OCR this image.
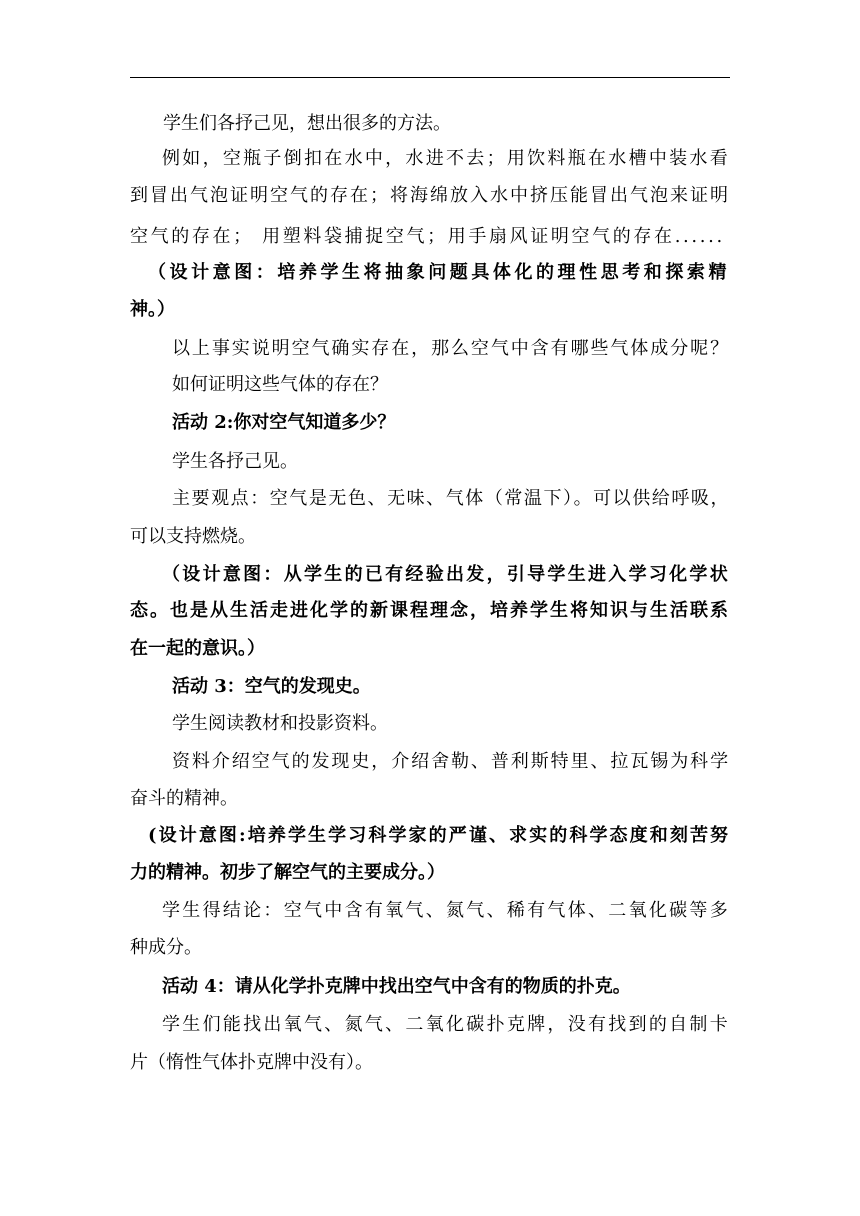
学生们各抒己见，想出很多的方法。
例如，空瓶子倒扣在水中，水进不去；用饮料瓶在水槽中装水看
到冒出气泡证明空气的存在；将海绵放入水中挤压能冒出气泡来证明
空气的存在； 用塑料袋捕捉空气；用手扇风证明空气的存在......
（设计意图：培养学生将抽象问题具体化的理性思考和探索精
神。）
以上事实说明空气确实存在，那么空气中含有哪些气体成分呢？
如何证明这些气体的存在？
活动 2:你对空气知道多少？
学生各抒己见。
主要观点：空气是无色、无味、气体（常温下）。可以供给呼吸，
可以支持燃烧。
（设计意图：从学生的已有经验出发，引导学生进入学习化学状
态。也是从生活走进化学的新课程理念，培养学生将知识与生活联系
在一起的意识。）
活动 3：空气的发现史。
学生阅读教材和投影资料。
资料介绍空气的发现史，介绍舍勒、普利斯特里、拉瓦锡为科学
奋斗的精神。
(设计意图:培养学生学习科学家的严谨、求实的科学态度和刻苦努
力的精神。初步了解空气的主要成分。）
学生得结论：空气中含有氧气、氮气、稀有气体、二氧化碳等多
种成分。
活动 4：请从化学扑克牌中找出空气中含有的物质的扑克。
学生们能找出氧气、氮气、二氧化碳扑克牌，没有找到的自制卡
片（惰性气体扑克牌中没有）。
